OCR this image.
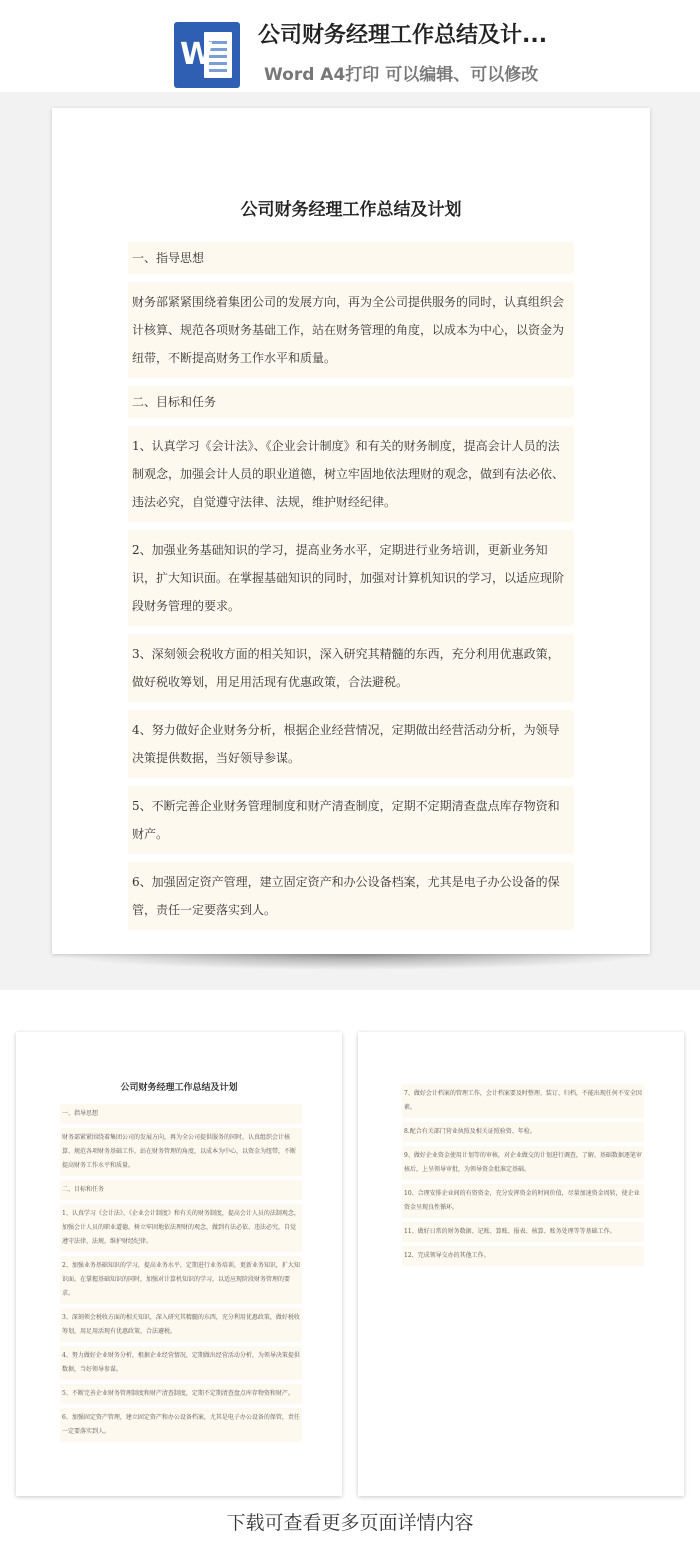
W
公司财务经理工作总结及计...
Word A4打印 可以编辑、可以修改
公司财务经理工作总结及计划

一、指导思想

财务部紧紧围绕着集团公司的发展方向，再为全公司提供服务的同时，认真组织会计核算、规范各项财务基础工作，站在财务管理的角度，以成本为中心，以资金为纽带，不断提高财务工作水平和质量。

二、目标和任务

1、认真学习《会计法》、《企业会计制度》和有关的财务制度，提高会计人员的法制观念，加强会计人员的职业道德，树立牢固地依法理财的观念，做到有法必依、违法必究，自觉遵守法律、法规，维护财经纪律。

2、加强业务基础知识的学习，提高业务水平，定期进行业务培训，更新业务知识，扩大知识面。在掌握基础知识的同时，加强对计算机知识的学习，以适应现阶段财务管理的要求。

3、深刻领会税收方面的相关知识，深入研究其精髓的东西，充分利用优惠政策，做好税收筹划，用足用活现有优惠政策，合法避税。

4、努力做好企业财务分析，根据企业经营情况，定期做出经营活动分析，为领导决策提供数据，当好领导参谋。

5、不断完善企业财务管理制度和财产清查制度，定期不定期清查盘点库存物资和财产。

6、加强固定资产管理，建立固定资产和办公设备档案，尤其是电子办公设备的保管，责任一定要落实到人。

公司财务经理工作总结及计划

一、指导思想

财务部紧紧围绕着集团公司的发展方向，再为全公司提供服务的同时，认真组织会计核算、规范各项财务基础工作，站在财务管理的角度，以成本为中心，以资金为纽带，不断提高财务工作水平和质量。

二、目标和任务

1、认真学习《会计法》、《企业会计制度》和有关的财务制度，提高会计人员的法制观念，加强会计人员的职业道德，树立牢固地依法理财的观念，做到有法必依、违法必究，自觉遵守法律、法规，维护财经纪律。

2、加强业务基础知识的学习，提高业务水平，定期进行业务培训，更新业务知识，扩大知识面。在掌握基础知识的同时，加强对计算机知识的学习，以适应现阶段财务管理的要求。

3、深刻领会税收方面的相关知识，深入研究其精髓的东西，充分利用优惠政策，做好税收筹划，用足用活现有优惠政策，合法避税。

4、努力做好企业财务分析，根据企业经营情况，定期做出经营活动分析，为领导决策提供数据，当好领导参谋。

5、不断完善企业财务管理制度和财产清查制度，定期不定期清查盘点库存物资和财产。

6、加强固定资产管理，建立固定资产和办公设备档案，尤其是电子办公设备的保管，责任一定要落实到人。

7、做好会计档案的管理工作，会计档案要及时整理、装订、归档，不能出现任何不安全因素。

8.配合有关部门营业执照及相关证照验资、年检。

9、做好企业资金使用计划等的审核，对企业做交的计划进行调查，了解、基础数据逐笔审核后，上呈领导审批，为领导资金批准定基础。

10、合理安排企业间的有资资金，充分发挥资金的时间价值，尽量加速资金周转，使企业资金呈现良性循环。

11、做好日常的财务数据、记账、算账、报表、核算、账务处理等等基础工作。

12、完成领导交办的其他工作。

下载可查看更多页面详情内容
